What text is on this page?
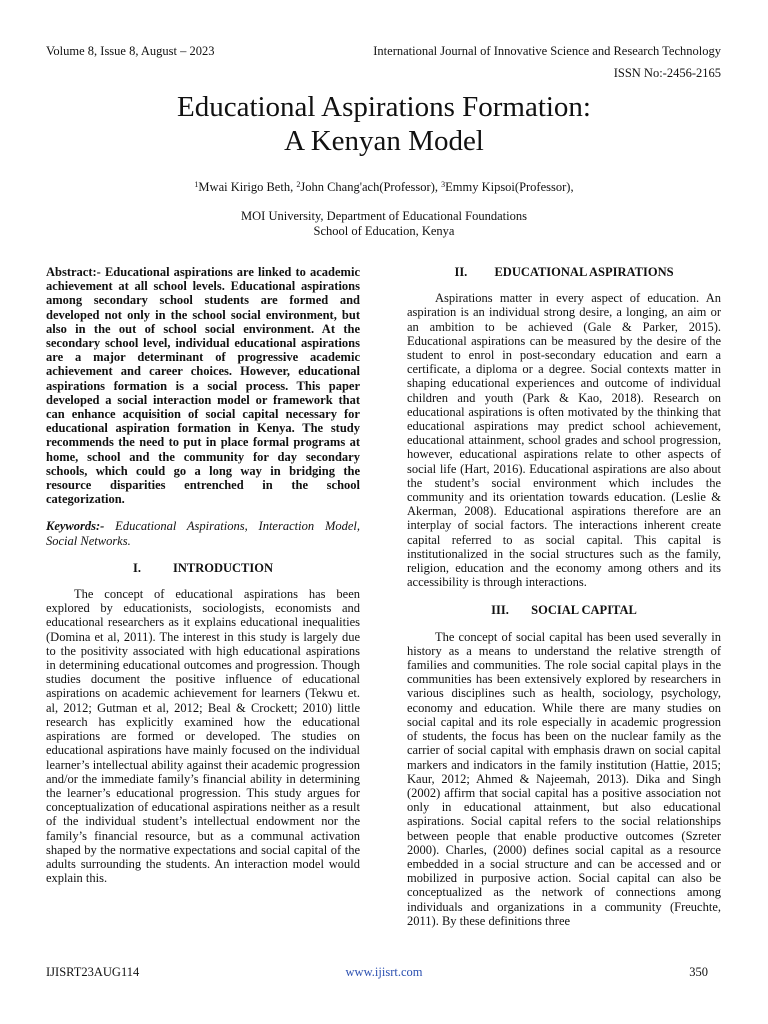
Volume 8, Issue 8, August – 2023	International Journal of Innovative Science and Research Technology
ISSN No:-2456-2165
Educational Aspirations Formation:
A Kenyan Model
$^1$Mwai Kirigo Beth, $^2$John Chang'ach(Professor), $^3$Emmy Kipsoi(Professor),
MOI University, Department of Educational Foundations
School of Education, Kenya

Abstract:- Educational aspirations are linked to academic achievement at all school levels. Educational aspirations among secondary school students are formed and developed not only in the school social environment, but also in the out of school social environment. At the secondary school level, individual educational aspirations are a major determinant of progressive academic achievement and career choices. However, educational aspirations formation is a social process. This paper developed a social interaction model or framework that can enhance acquisition of social capital necessary for educational aspiration formation in Kenya. The study recommends the need to put in place formal programs at home, school and the community for day secondary schools, which could go a long way in bridging the resource disparities entrenched in the school categorization.

Keywords:- Educational Aspirations, Interaction Model, Social Networks.

I.	INTRODUCTION

The concept of educational aspirations has been explored by educationists, sociologists, economists and educational researchers as it explains educational inequalities (Domina et al, 2011). The interest in this study is largely due to the positivity associated with high educational aspirations in determining educational outcomes and progression. Though studies document the positive influence of educational aspirations on academic achievement for learners (Tekwu et. al, 2012; Gutman et al, 2012; Beal & Crockett; 2010) little research has explicitly examined how the educational aspirations are formed or developed. The studies on educational aspirations have mainly focused on the individual learner’s intellectual ability against their academic progression and/or the immediate family’s financial ability in determining the learner’s educational progression. This study argues for conceptualization of educational aspirations neither as a result of the individual student’s intellectual endowment nor the family’s financial resource, but as a communal activation shaped by the normative expectations and social capital of the adults surrounding the students. An interaction model would explain this.

II. EDUCATIONAL ASPIRATIONS

Aspirations matter in every aspect of education. An aspiration is an individual strong desire, a longing, an aim or an ambition to be achieved (Gale & Parker, 2015). Educational aspirations can be measured by the desire of the student to enrol in post-secondary education and earn a certificate, a diploma or a degree. Social contexts matter in shaping educational experiences and outcome of individual children and youth (Park & Kao, 2018). Research on educational aspirations is often motivated by the thinking that educational aspirations may predict school achievement, educational attainment, school grades and school progression, however, educational aspirations relate to other aspects of social life (Hart, 2016). Educational aspirations are also about the student’s social environment which includes the community and its orientation towards education. (Leslie & Akerman, 2008). Educational aspirations therefore are an interplay of social factors. The interactions inherent create capital referred to as social capital. This capital is institutionalized in the social structures such as the family, religion, education and the economy among others and its accessibility is through interactions.

III. SOCIAL CAPITAL

The concept of social capital has been used severally in history as a means to understand the relative strength of families and communities. The role social capital plays in the communities has been extensively explored by researchers in various disciplines such as health, sociology, psychology, economy and education. While there are many studies on social capital and its role especially in academic progression of students, the focus has been on the nuclear family as the carrier of social capital with emphasis drawn on social capital markers and indicators in the family institution (Hattie, 2015; Kaur, 2012; Ahmed & Najeemah, 2013). Dika and Singh (2002) affirm that social capital has a positive association not only in educational attainment, but also educational aspirations. Social capital refers to the social relationships between people that enable productive outcomes (Szreter 2000). Charles, (2000) defines social capital as a resource embedded in a social structure and can be accessed and or mobilized in purposive action. Social capital can also be conceptualized as the network of connections among individuals and organizations in a community (Freuchte, 2011). By these definitions three

IJISRT23AUG114	www.ijisrt.com	350
